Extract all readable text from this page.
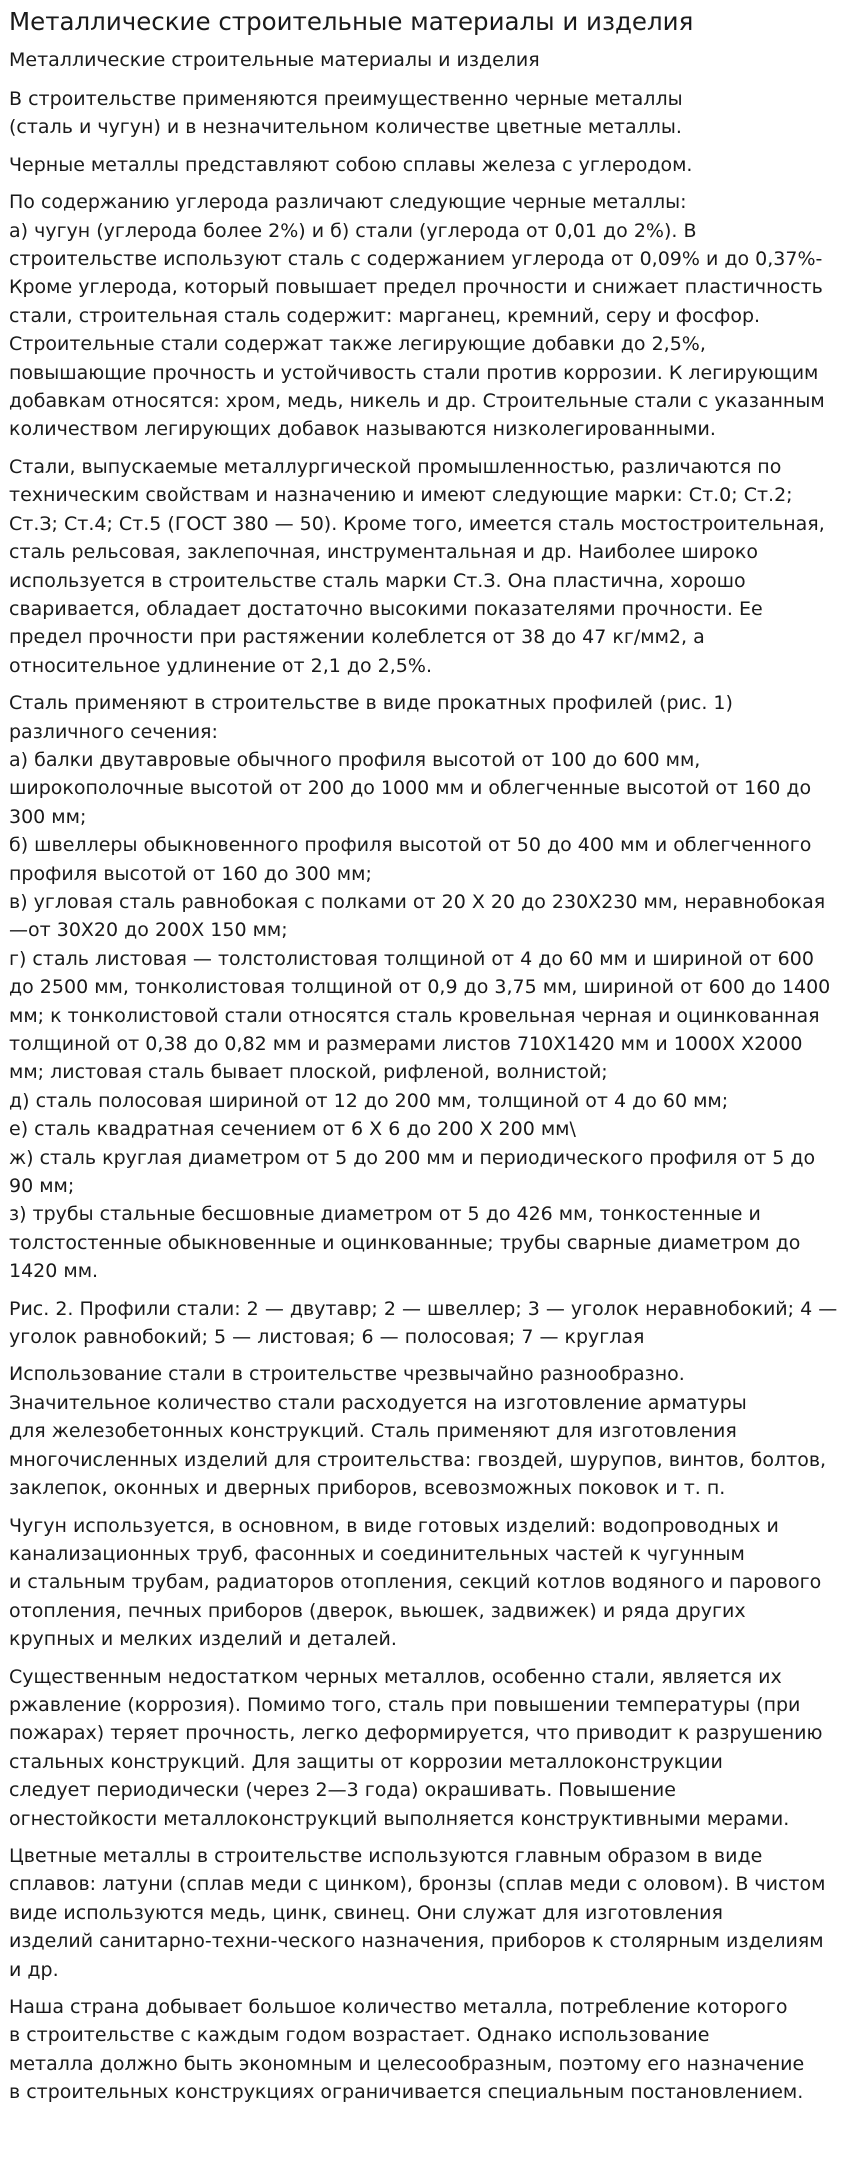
Металлические строительные материалы и изделия
Металлические строительные материалы и изделия

В строительстве применяются преимущественно черные металлы
(сталь и чугун) и в незначительном количестве цветные металлы.

Черные металлы представляют собою сплавы железа с углеродом.

По содержанию углерода различают следующие черные металлы:
а) чугун (углерода более 2%) и б) стали (углерода от 0,01 до 2%). В
строительстве используют сталь с содержанием углерода от 0,09% и до 0,37%-
Кроме углерода, который повышает предел прочности и снижает пластичность
стали, строительная сталь содержит: марганец, кремний, серу и фосфор.
Строительные стали содержат также легирующие добавки до 2,5%,
повышающие прочность и устойчивость стали против коррозии. К легирующим
добавкам относятся: хром, медь, никель и др. Строительные стали с указанным
количеством легирующих добавок называются низколегированными.

Стали, выпускаемые металлургической промышленностью, различаются по
техническим свойствам и назначению и имеют следующие марки: Ст.0; Ст.2;
Ст.З; Ст.4; Ст.5 (ГОСТ 380 — 50). Кроме того, имеется сталь мостостроительная,
сталь рельсовая, заклепочная, инструментальная и др. Наиболее широко
используется в строительстве сталь марки Ст.З. Она пластична, хорошо
сваривается, обладает достаточно высокими показателями прочности. Ее
предел прочности при растяжении колеблется от 38 до 47 кг/мм2, а
относительное удлинение от 2,1 до 2,5%.

Сталь применяют в строительстве в виде прокатных профилей (рис. 1)
различного сечения:
а) балки двутавровые обычного профиля высотой от 100 до 600 мм,
широкополочные высотой от 200 до 1000 мм и облегченные высотой от 160 до
300 мм;
б) швеллеры обыкновенного профиля высотой от 50 до 400 мм и облегченного
профиля высотой от 160 до 300 мм;
в) угловая сталь равнобокая с полками от 20 X 20 до 230Х230 мм, неравнобокая
—от 30Х20 до 200Х 150 мм;
г) сталь листовая — толстолистовая толщиной от 4 до 60 мм и шириной от 600
до 2500 мм, тонколистовая толщиной от 0,9 до 3,75 мм, шириной от 600 до 1400
мм; к тонколистовой стали относятся сталь кровельная черная и оцинкованная
толщиной от 0,38 до 0,82 мм и размерами листов 710Х1420 мм и 1000Х Х2000
мм; листовая сталь бывает плоской, рифленой, волнистой;
д) сталь полосовая шириной от 12 до 200 мм, толщиной от 4 до 60 мм;
е) сталь квадратная сечением от 6 X 6 до 200 X 200 мм\
ж) сталь круглая диаметром от 5 до 200 мм и периодического профиля от 5 до
90 мм;
з) трубы стальные бесшовные диаметром от 5 до 426 мм, тонкостенные и
толстостенные обыкновенные и оцинкованные; трубы сварные диаметром до
1420 мм.

Рис. 2. Профили стали: 2 — двутавр; 2 — швеллер; 3 — уголок неравнобокий; 4 —
уголок равнобокий; 5 — листовая; 6 — полосовая; 7 — круглая

Использование стали в строительстве чрезвычайно разнообразно.
Значительное количество стали расходуется на изготовление арматуры
для железобетонных конструкций. Сталь применяют для изготовления
многочисленных изделий для строительства: гвоздей, шурупов, винтов, болтов,
заклепок, оконных и дверных приборов, всевозможных поковок и т. п.

Чугун используется, в основном, в виде готовых изделий: водопроводных и
канализационных труб, фасонных и соединительных частей к чугунным
и стальным трубам, радиаторов отопления, секций котлов водяного и парового
отопления, печных приборов (дверок, вьюшек, задвижек) и ряда других
крупных и мелких изделий и деталей.

Существенным недостатком черных металлов, особенно стали, является их
ржавление (коррозия). Помимо того, сталь при повышении температуры (при
пожарах) теряет прочность, легко деформируется, что приводит к разрушению
стальных конструкций. Для защиты от коррозии металлоконструкции
следует периодически (через 2—3 года) окрашивать. Повышение
огнестойкости металлоконструкций выполняется конструктивными мерами.

Цветные металлы в строительстве используются главным образом в виде
сплавов: латуни (сплав меди с цинком), бронзы (сплав меди с оловом). В чистом
виде используются медь, цинк, свинец. Они служат для изготовления
изделий санитарно-техни-ческого назначения, приборов к столярным изделиям
и др.

Наша страна добывает большое количество металла, потребление которого
в строительстве с каждым годом возрастает. Однако использование
металла должно быть экономным и целесообразным, поэтому его назначение
в строительных конструкциях ограничивается специальным постановлением.
